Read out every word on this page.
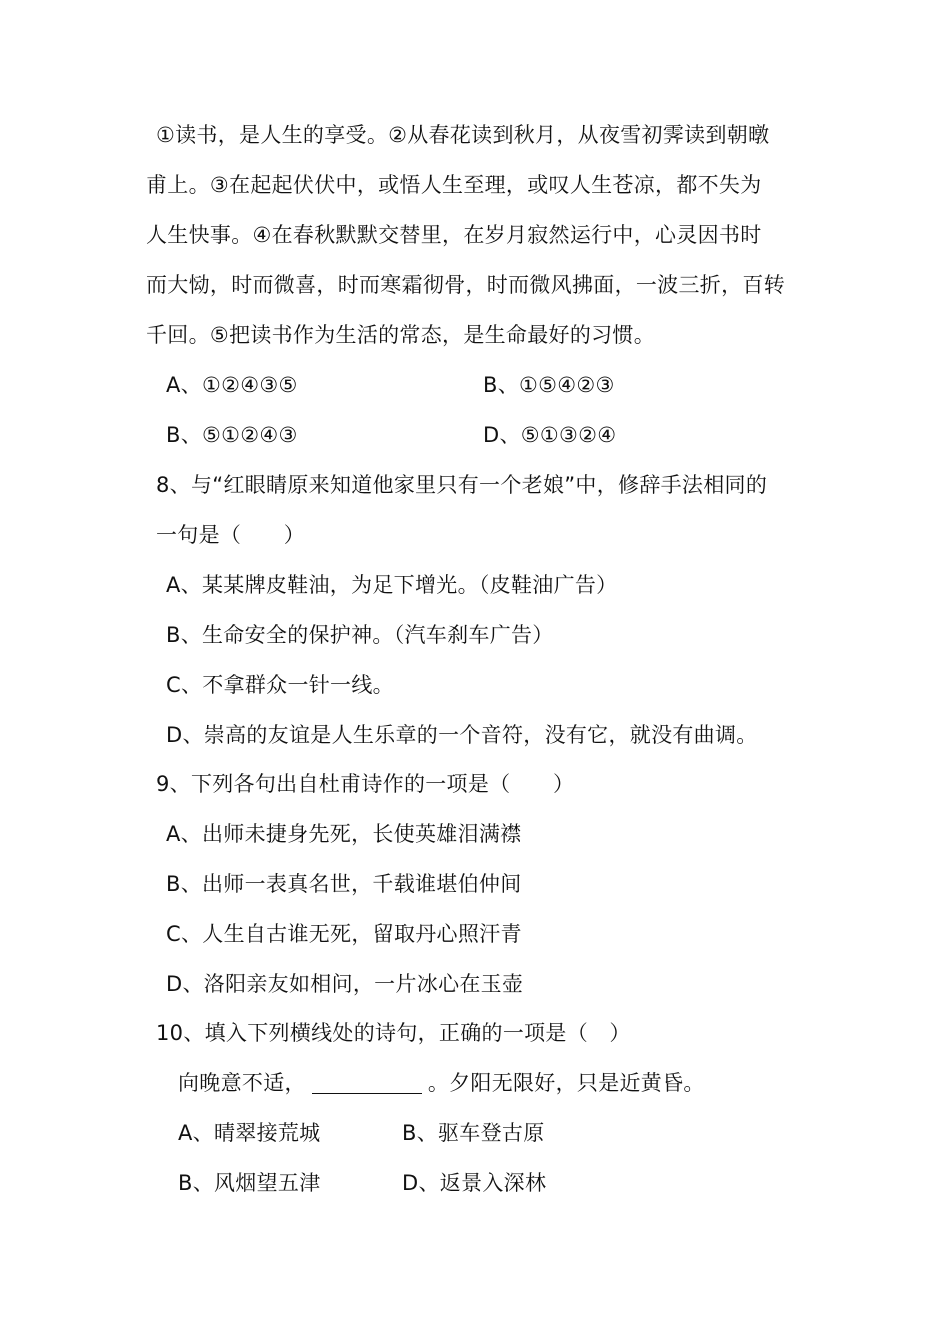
①读书，是人生的享受。②从春花读到秋月，从夜雪初霁读到朝暾
甫上。③在起起伏伏中，或悟人生至理，或叹人生苍凉，都不失为
人生快事。④在春秋默默交替里，在岁月寂然运行中，心灵因书时
而大恸，时而微喜，时而寒霜彻骨，时而微风拂面，一波三折，百转
千回。⑤把读书作为生活的常态，是生命最好的习惯。
A、①②④③⑤	B、①⑤④②③
B、⑤①②④③	D、⑤①③②④
8、与“红眼睛原来知道他家里只有一个老娘”中，修辞手法相同的
一句是（　　）
A、某某牌皮鞋油，为足下增光。（皮鞋油广告）
B、生命安全的保护神。（汽车刹车广告）
C、不拿群众一针一线。
D、崇高的友谊是人生乐章的一个音符，没有它，就没有曲调。
9、下列各句出自杜甫诗作的一项是（　　）
A、出师未捷身先死，长使英雄泪满襟
B、出师一表真名世，千载谁堪伯仲间
C、人生自古谁无死，留取丹心照汗青
D、洛阳亲友如相问，一片冰心在玉壶
10、填入下列横线处的诗句，正确的一项是（　）
向晚意不适，	。夕阳无限好，只是近黄昏。
A、晴翠接荒城	B、驱车登古原
B、风烟望五津	D、返景入深林
